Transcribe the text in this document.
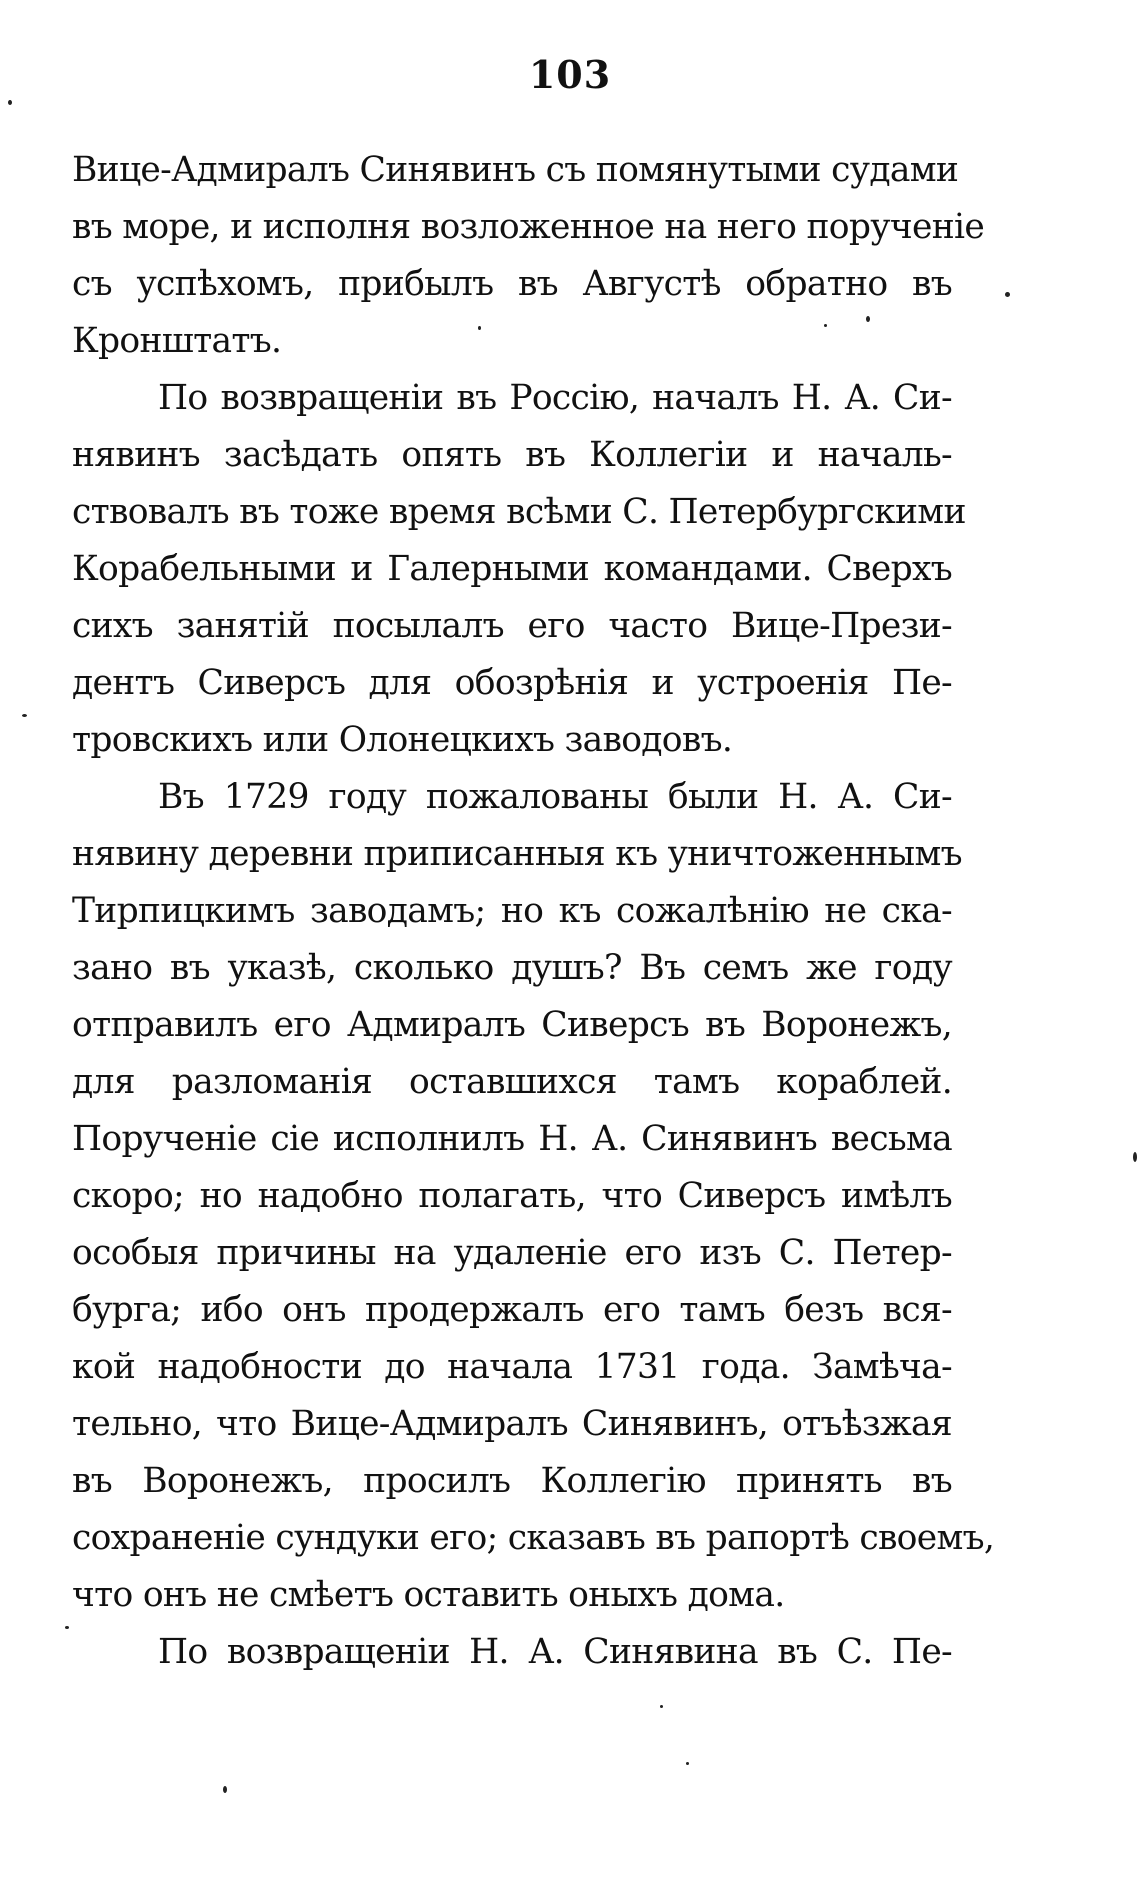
103
Вице-Адмиралъ Синявинъ съ помянутыми судами
въ море, и исполня возложенное на него порученіе
съ успѣхомъ, прибылъ въ Августѣ обратно въ
Кронштатъ.
По возвращеніи въ Россію, началъ Н. А. Си-
нявинъ засѣдать опять въ Коллегіи и началь-
ствовалъ въ тоже время всѣми С. Петербургскими
Корабельными и Галерными командами. Сверхъ
сихъ занятій посылалъ его часто Вице-Прези-
дентъ Сиверсъ для обозрѣнія и устроенія Пе-
тровскихъ или Олонецкихъ заводовъ.
Въ 1729 году пожалованы были Н. А. Си-
нявину деревни приписанныя къ уничтоженнымъ
Тирпицкимъ заводамъ; но къ сожалѣнію не ска-
зано въ указѣ, сколько душъ? Въ семъ же году
отправилъ его Адмиралъ Сиверсъ въ Воронежъ,
для разломанія оставшихся тамъ кораблей.
Порученіе сіе исполнилъ Н. А. Синявинъ весьма
скоро; но надобно полагать, что Сиверсъ имѣлъ
особыя причины на удаленіе его изъ С. Петер-
бурга; ибо онъ продержалъ его тамъ безъ вся-
кой надобности до начала 1731 года. Замѣча-
тельно, что Вице-Адмиралъ Синявинъ, отъѣзжая
въ Воронежъ, просилъ Коллегію принять въ
сохраненіе сундуки его; сказавъ въ рапортѣ своемъ,
что онъ не смѣетъ оставить оныхъ дома.
По возвращеніи Н. А. Синявина въ С. Пе-
